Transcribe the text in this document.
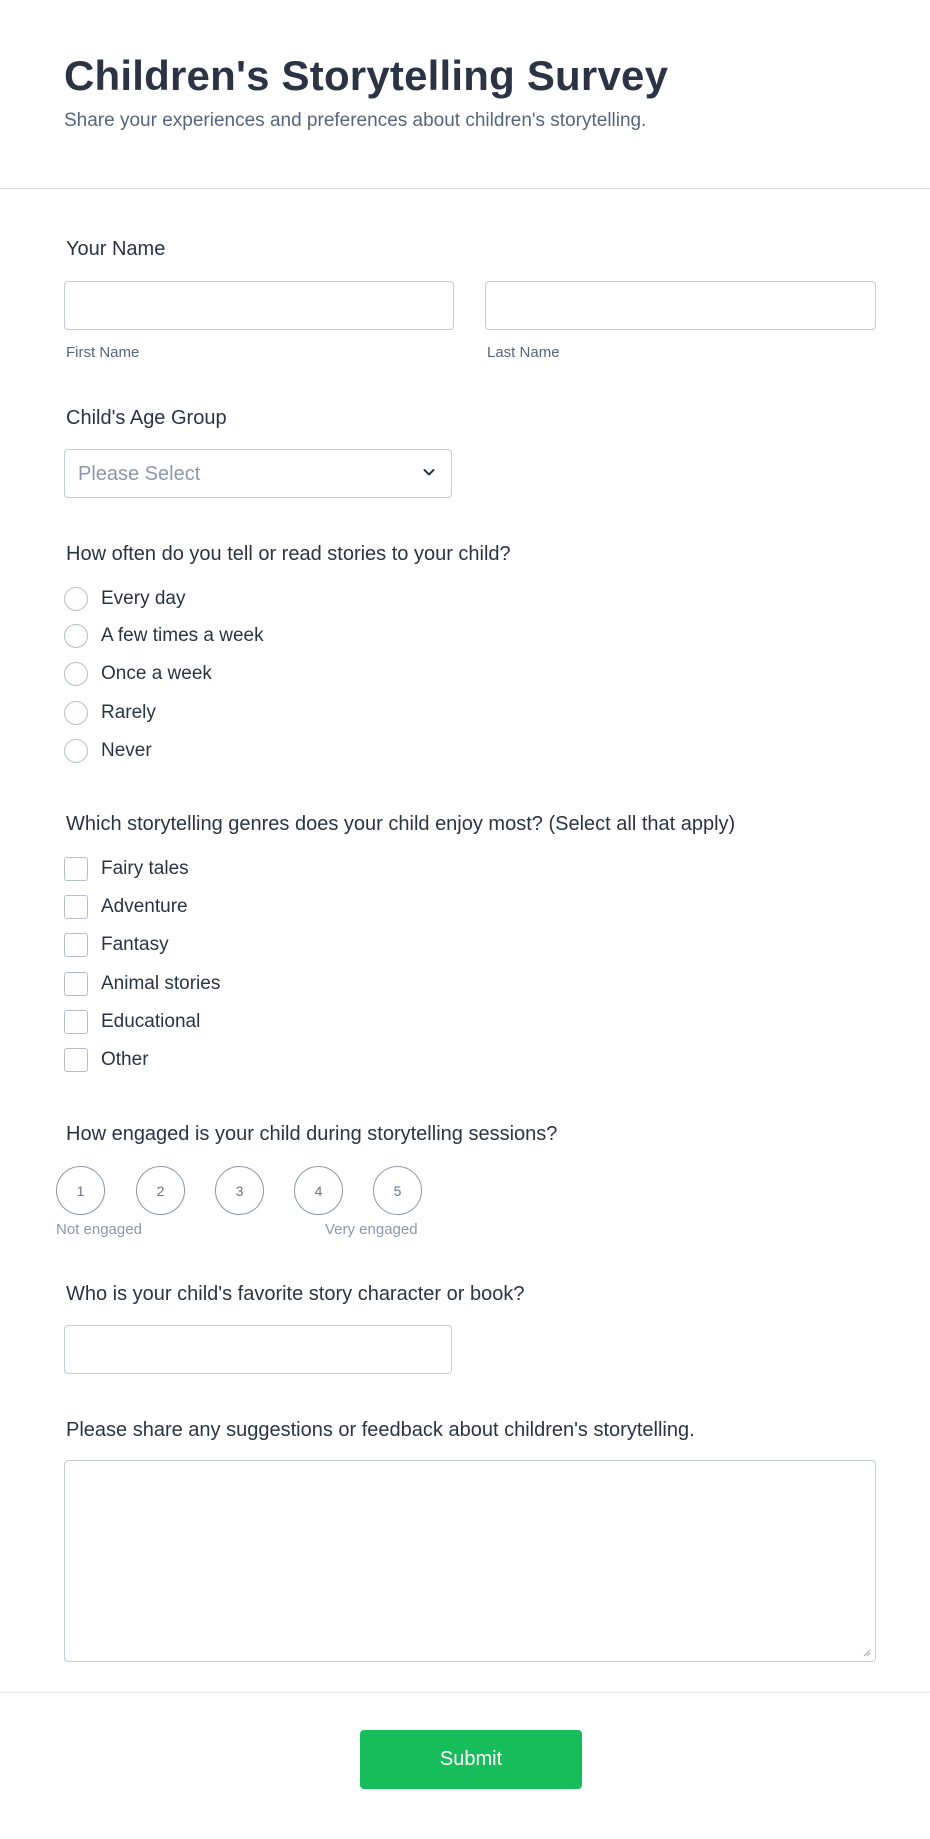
Children's Storytelling Survey

Share your experiences and preferences about children's storytelling.

Your Name
First Name	Last Name
Child's Age Group
Please Select
How often do you tell or read stories to your child?
Every day
A few times a week
Once a week
Rarely
Never
Which storytelling genres does your child enjoy most? (Select all that apply)
Fairy tales
Adventure
Fantasy
Animal stories
Educational
Other
How engaged is your child during storytelling sessions?
1	2	3	4	5
Not engaged	Very engaged
Who is your child's favorite story character or book?
Please share any suggestions or feedback about children's storytelling.
Submit
